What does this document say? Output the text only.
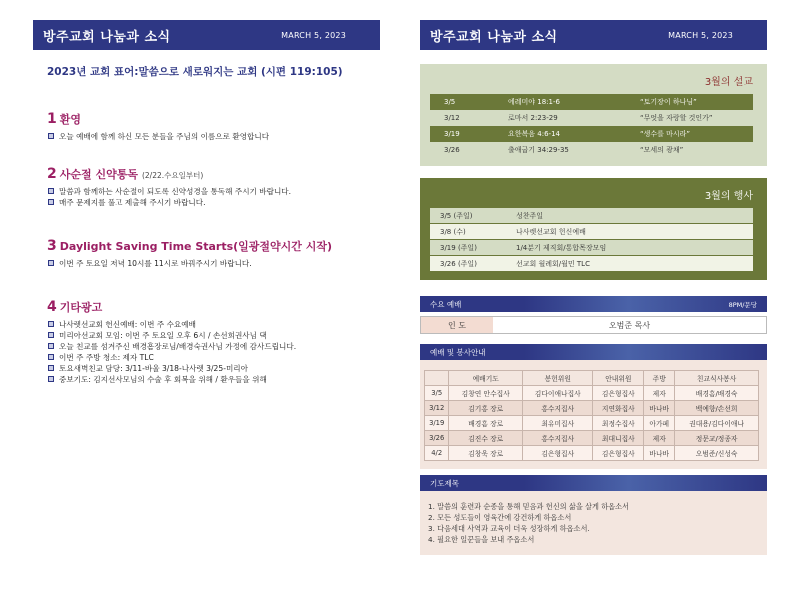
방주교회 나눔과 소식	MARCH 5, 2023
2023년 교회 표어:말씀으로 새로워지는 교회 (시편 119:105)
1 환영
오늘 예배에 함께 하신 모든 분들을 주님의 이름으로 환영합니다
2 사순절 신약통독 (2/22.수요일부터)
말씀과 함께하는 사순절이 되도록 신약성경을 통독해 주시기 바랍니다.
매주 문제지를 풀고 제출해 주시기 바랍니다.
3 Daylight Saving Time Starts(일광절약시간 시작)
이번 주 토요일 저녁 10시를 11시로 바꿔주시기 바랍니다.
4 기타광고
나사렛선교회 헌신예배: 이번 주 수요예배
미리아선교회 모임: 이번 주 토요일 오후 6시 / 손선희권사님 댁
오늘 친교를 섬겨주신 배경흠장로님/배경숙권사님 가정에 감사드립니다.
이번 주 주방 청소: 제자 TLC
토요새벽친교 담당: 3/11-바울 3/18-나사렛 3/25-미리아
중보기도: 김지선사모님의 수술 후 회복을 위해 / 환우들을 위해
방주교회 나눔과 소식	MARCH 5, 2023
3월의 설교
3/5	에레미야 18:1-6	“토기장이 하나님”
3/12	로마서 2:23-29	“무엇을 자랑할 것인가”
3/19	요한복음 4:6-14	“생수를 마시라”
3/26	출애굽기 34:29-35	“모세의 광채”
3월의 행사
3/5 (주일)	성찬주일
3/8 (수)	나사렛선교회 헌신예배
3/19 (주일)	1/4분기 제직회/통합목장모임
3/26 (주일)	선교회 월례회/월민 TLC
수요 예배	8PM/문당
인 도	오범준 목사
예배 및 봉사안내
	예배기도	봉헌위원	안내위원	주방	친교식사봉사
3/5	김창연 안수집사	김다이애나집사	김은형집사	제자	배경흠/배경숙
3/12	김기홍 장로	홍수지집사	지연화집사	바나바	백예향/손선희
3/19	배경흠 장로	최유미집사	최정수집사	아가페	권대용/김다이애나
3/26	김진수 장로	홍수지집사	최대니집사	제자	정문교/정종자
4/2	김창욱 장로	김은형집사	김은형집사	바나바	오범준/신성숙
기도제목
1. 말씀의 훈련과 순종을 통해 믿음과 헌신의 삶을 살게 하옵소서
2. 모든 성도들이 영육간에 강건하게 하옵소서
3. 다음세대 사역과 교육이 더욱 성장하게 하옵소서.
4. 필요한 일꾼들을 보내 주옵소서
